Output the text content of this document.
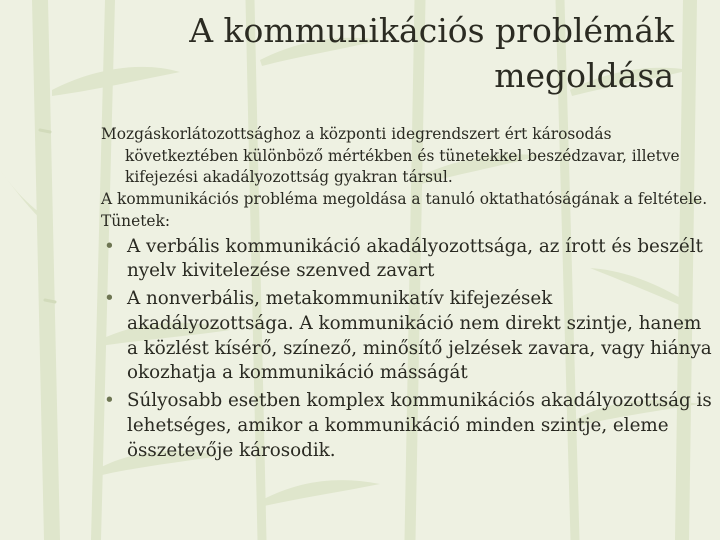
A kommunikációs problémák
megoldása

Mozgáskorlátozottsághoz a központi idegrendszert ért károsodás következtében különböző mértékben és tünetekkel beszédzavar, illetve kifejezési akadályozottság gyakran társul.

A kommunikációs probléma megoldása a tanuló oktathatóságának a feltétele.

Tünetek:

• A verbális kommunikáció akadályozottsága, az írott és beszélt nyelv kivitelezése szenved zavart
• A nonverbális, metakommunikatív kifejezések akadályozottsága. A kommunikáció nem direkt szintje, hanem a közlést kísérő, színező, minősítő jelzések zavara, vagy hiánya okozhatja a kommunikáció másságát
• Súlyosabb esetben komplex kommunikációs akadályozottság is lehetséges, amikor a kommunikáció minden szintje, eleme összetevője károsodik.
